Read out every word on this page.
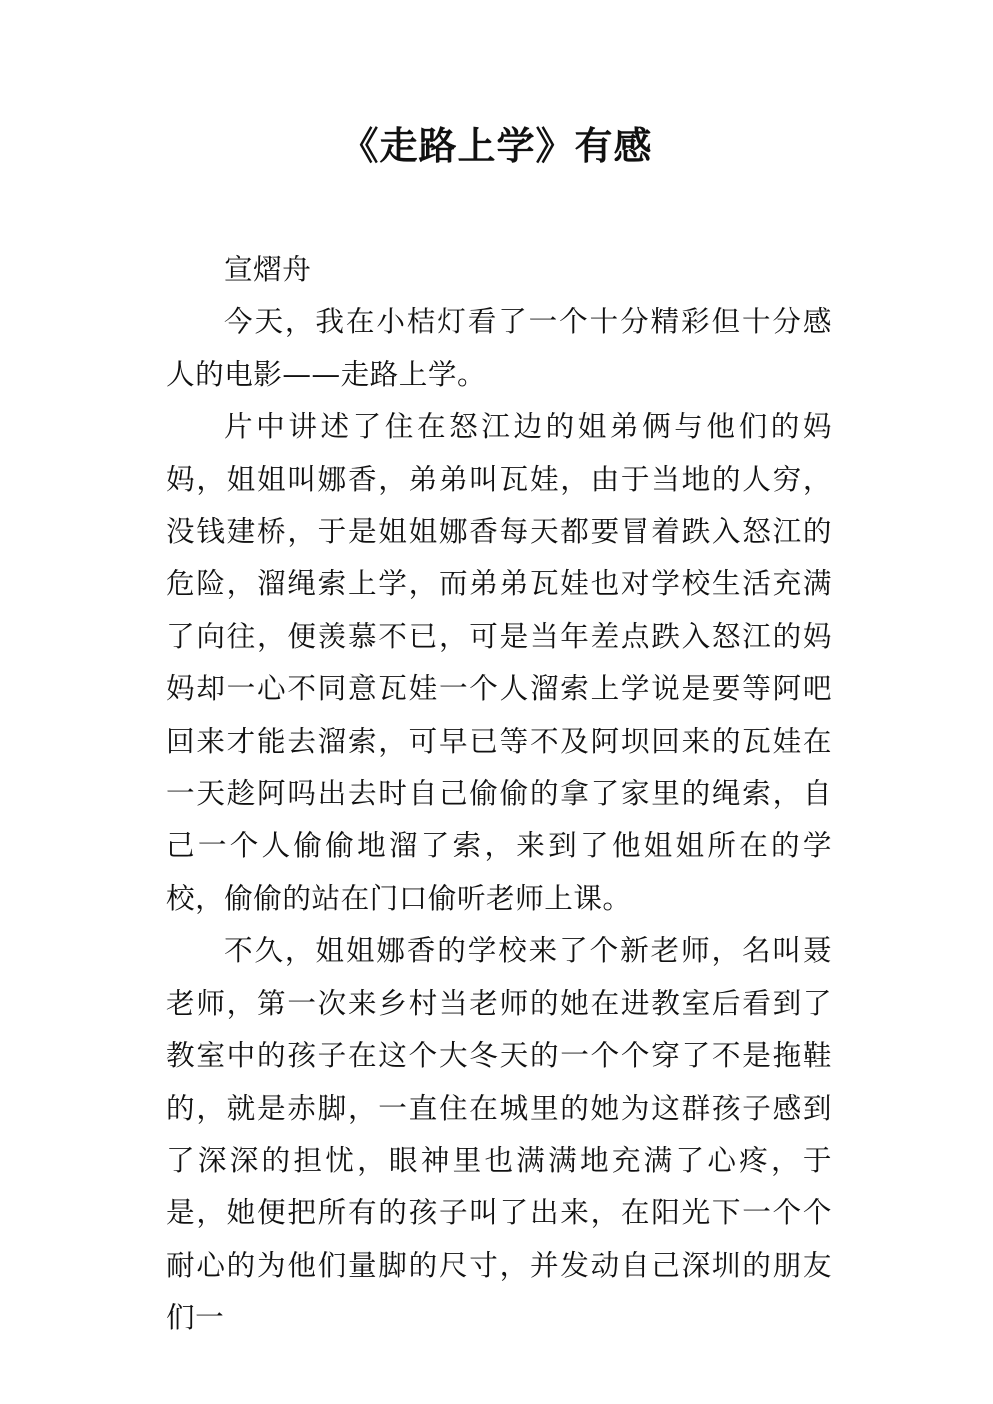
《走路上学》有感

宣熠舟

今天，我在小桔灯看了一个十分精彩但十分感人的电影——走路上学。

片中讲述了住在怒江边的姐弟俩与他们的妈妈，姐姐叫娜香，弟弟叫瓦娃，由于当地的人穷，没钱建桥，于是姐姐娜香每天都要冒着跌入怒江的危险，溜绳索上学，而弟弟瓦娃也对学校生活充满了向往，便羡慕不已，可是当年差点跌入怒江的妈妈却一心不同意瓦娃一个人溜索上学说是要等阿吧回来才能去溜索，可早已等不及阿坝回来的瓦娃在一天趁阿吗出去时自己偷偷的拿了家里的绳索，自己一个人偷偷地溜了索，来到了他姐姐所在的学校，偷偷的站在门口偷听老师上课。

不久，姐姐娜香的学校来了个新老师，名叫聂老师，第一次来乡村当老师的她在进教室后看到了教室中的孩子在这个大冬天的一个个穿了不是拖鞋的，就是赤脚，一直住在城里的她为这群孩子感到了深深的担忧，眼神里也满满地充满了心疼，于是，她便把所有的孩子叫了出来，在阳光下一个个耐心的为他们量脚的尺寸，并发动自己深圳的朋友们一
